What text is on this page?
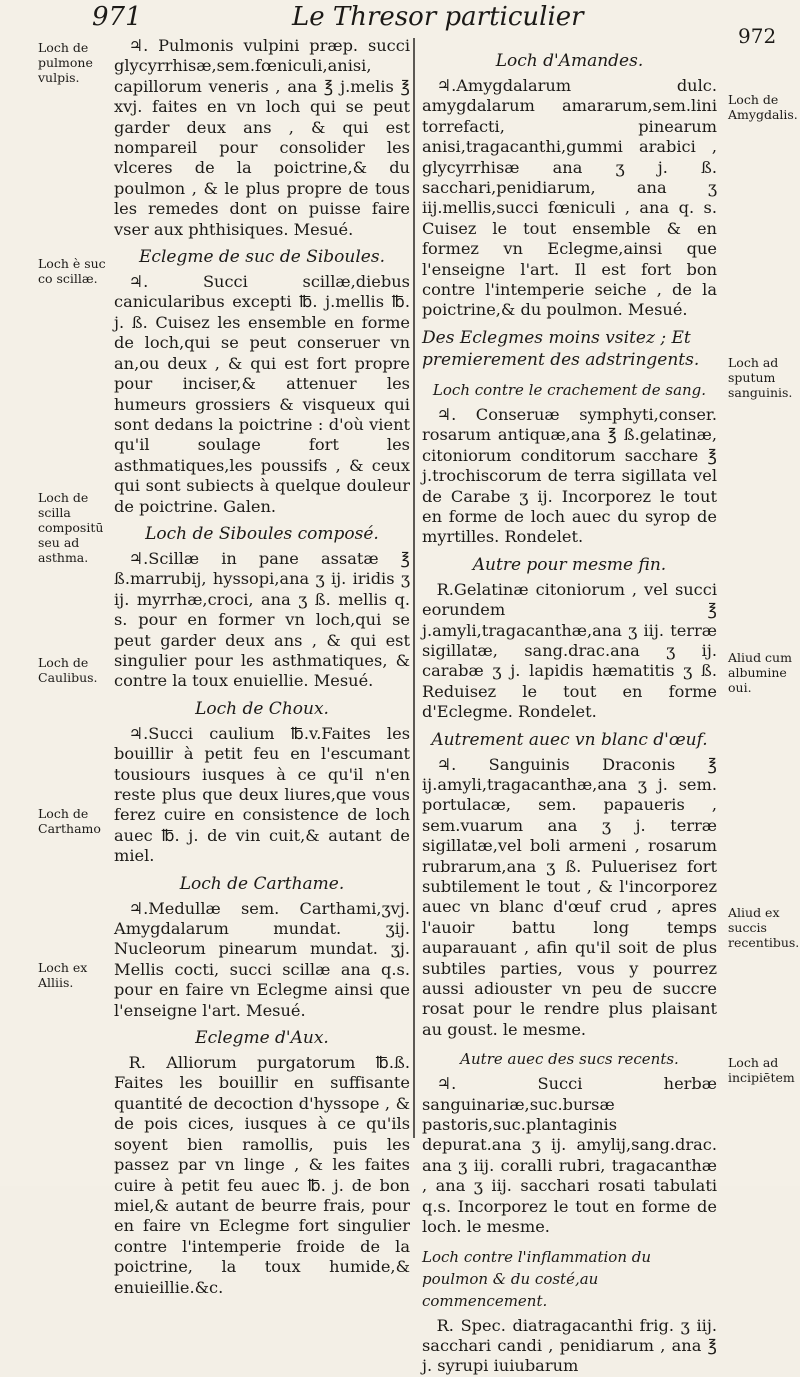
971	Le Thresor particulier
972

♃. Pulmonis vulpini præp. succi glycyrrhisæ,sem.fœniculi,anisi, capillorum veneris , ana ℥ j.melis ℥ xvj. faites en vn loch qui se peut garder deux ans , & qui est nompareil pour consolider les vlceres de la poictrine,& du poulmon , & le plus propre de tous les remedes dont on puisse faire vser aux phthisiques. Mesué.

Eclegme de suc de Siboules.

♃. Succi scillæ,diebus canicularibus excepti ℔. j.mellis ℔. j. ß. Cuisez les ensemble en forme de loch,qui se peut conseruer vn an,ou deux , & qui est fort propre pour inciser,& attenuer les humeurs grossiers & visqueux qui sont dedans la poictrine : d'où vient qu'il soulage fort les asthmatiques,les poussifs , & ceux qui sont subiects à quelque douleur de poictrine. Galen.

Loch de Siboules composé.

♃.Scillæ in pane assatæ ℥ ß.marrubij, hyssopi,ana ʒ ij. iridis ʒ ij. myrrhæ,croci, ana ʒ ß. mellis q. s. pour en former vn loch,qui se peut garder deux ans , & qui est singulier pour les asthmatiques, & contre la toux enuiellie. Mesué.

Loch de Choux.

♃.Succi caulium ℔.v.Faites les bouillir à petit feu en l'escumant tousiours iusques à ce qu'il n'en reste plus que deux liures,que vous ferez cuire en consistence de loch auec ℔. j. de vin cuit,& autant de miel.

Loch de Carthame.

♃.Medullæ sem. Carthami,ʒvj. Amygdalarum mundat. ʒij. Nucleorum pinearum mundat. ʒj. Mellis cocti, succi scillæ ana q.s. pour en faire vn Eclegme ainsi que l'enseigne l'art. Mesué.

Eclegme d'Aux.

R. Alliorum purgatorum ℔.ß. Faites les bouillir en suffisante quantité de decoction d'hyssope , & de pois cices, iusques à ce qu'ils soyent bien ramollis, puis les passez par vn linge , & les faites cuire à petit feu auec ℔. j. de bon miel,& autant de beurre frais, pour en faire vn Eclegme fort singulier contre l'intemperie froide de la poictrine, la toux humide,& enuieillie.&c.

Loch de pulmone vulpis.
Loch è suc co scillæ.
Loch de scilla compositū seu ad asthma.
Loch de Caulibus.
Loch de Carthamo
Loch ex Alliis.
Loch d'Amandes.

♃.Amygdalarum dulc. amygdalarum amararum,sem.lini torrefacti, pinearum anisi,tragacanthi,gummi arabici , glycyrrhisæ ana ʒ j. ß. sacchari,penidiarum, ana ʒ iij.mellis,succi fœniculi , ana q. s. Cuisez le tout ensemble & en formez vn Eclegme,ainsi que l'enseigne l'art. Il est fort bon contre l'intemperie seiche , de la poictrine,& du poulmon. Mesué.

Des Eclegmes moins vsitez ; Et premierement des adstringents.
Loch contre le crachement de sang.

♃. Conseruæ symphyti,conser. rosarum antiquæ,ana ℥ ß.gelatinæ, citoniorum conditorum sacchare ℥ j.trochiscorum de terra sigillata vel de Carabe ʒ ij. Incorporez le tout en forme de loch auec du syrop de myrtilles. Rondelet.

Autre pour mesme fin.

R.Gelatinæ citoniorum , vel succi eorundem ℥ j.amyli,tragacanthæ,ana ʒ iij. terræ sigillatæ, sang.drac.ana ʒ ij. carabæ ʒ j. lapidis hæmatitis ʒ ß. Reduisez le tout en forme d'Eclegme. Rondelet.

Autrement auec vn blanc d'œuf.

♃. Sanguinis Draconis ℥ ij.amyli,tragacanthæ,ana ʒ j. sem. portulacæ, sem. papaueris , sem.vuarum ana ʒ j. terræ sigillatæ,vel boli armeni , rosarum rubrarum,ana ʒ ß. Puluerisez fort subtilement le tout , & l'incorporez auec vn blanc d'œuf crud , apres l'auoir battu long temps auparauant , afin qu'il soit de plus subtiles parties, vous y pourrez aussi adiouster vn peu de succre rosat pour le rendre plus plaisant au goust. le mesme.

Autre auec des sucs recents.

♃. Succi herbæ sanguinariæ,suc.bursæ pastoris,suc.plantaginis depurat.ana ʒ ij. amylij,sang.drac. ana ʒ iij. coralli rubri, tragacanthæ , ana ʒ iij. sacchari rosati tabulati q.s. Incorporez le tout en forme de loch. le mesme.

Loch contre l'inflammation du poulmon & du costé,au commencement.

R. Spec. diatragacanthi frig. ʒ iij. sacchari candi , penidiarum , ana ℥ j. syrupi iuiubarum

Loch de Amygdalis.
Loch ad sputum sanguinis.
Aliud cum albumine oui.
Aliud ex succis recentibus.
Loch ad incipiētem
